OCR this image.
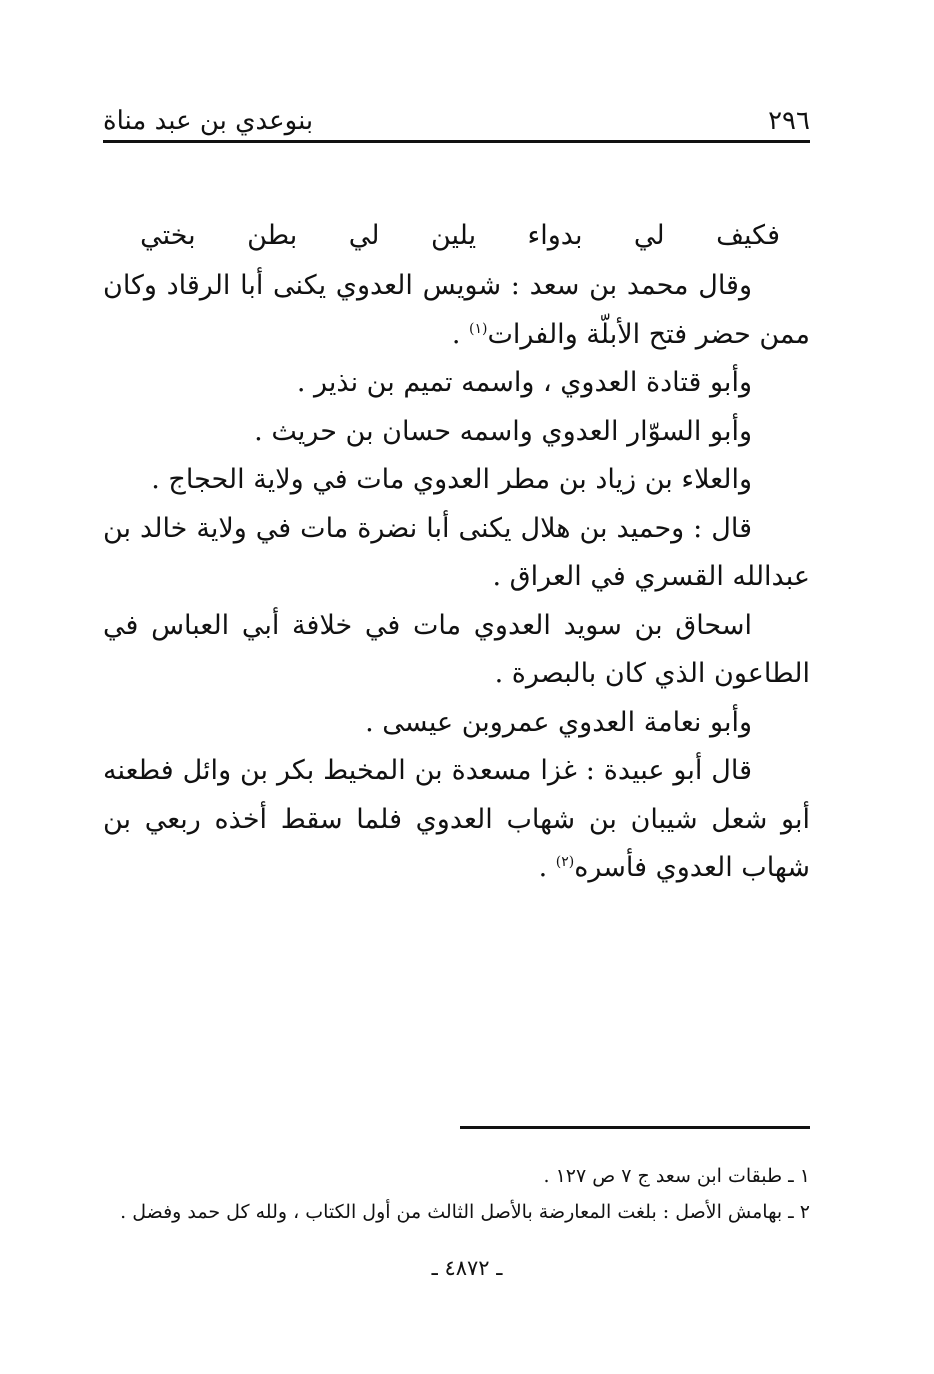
٢٩٦
بنوعدي بن عبد مناة
فكيف
لي
بدواء
يلين
لي
بطن
بختي

وقال محمد بن سعد : شويس العدوي يكنى أبا الرقاد وكان ممن حضر فتح الأبلّة والفرات$^{(١)}$ .

وأبو قتادة العدوي ، واسمه تميم بن نذير .

وأبو السوّار العدوي واسمه حسان بن حريث .

والعلاء بن زياد بن مطر العدوي مات في ولاية الحجاج .

قال : وحميد بن هلال يكنى أبا نضرة مات في ولاية خالد بن عبدالله القسري في العراق .

اسحاق بن سويد العدوي مات في خلافة أبي العباس في الطاعون الذي كان بالبصرة .

وأبو نعامة العدوي عمروبن عيسى .

قال أبو عبيدة : غزا مسعدة بن المخيط بكر بن وائل فطعنه أبو شعل شيبان بن شهاب العدوي فلما سقط أخذه ربعي بن شهاب العدوي فأسره$^{(٢)}$ .

١ ـ طبقات ابن سعد ج ٧ ص ١٢٧ .
٢ ـ بهامش الأصل : بلغت المعارضة بالأصل الثالث من أول الكتاب ، ولله كل حمد وفضل .
ـ ٤٨٧٢ ـ
